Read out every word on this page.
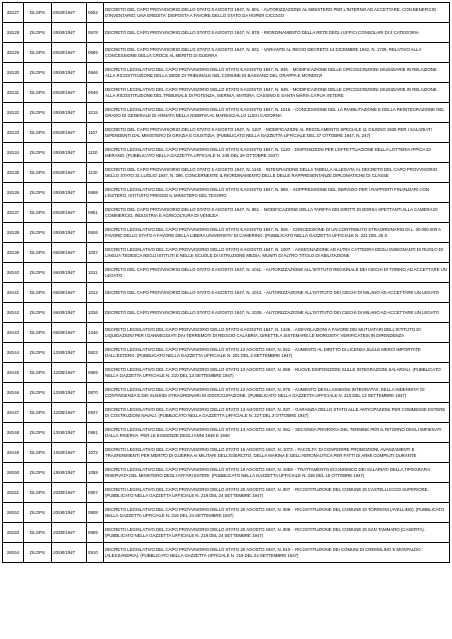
28127	DLOPS	05/08/1947	0652	DECRETO DEL CAPO PROVVISORIO DELLO STATO 5 AGOSTO 1947, N. 801. - AUTORIZZAZIONE AL MINISTERO PER L'INTERNO AD ACCETTARE, CON BENEFICIO D'INVENTARIO, UNA EREDITA' DISPOSTA A FAVORE DELLO STATO DA HOPER CICCIGO
28128	DLOPS	05/08/1947	0678	DECRETO DEL CAPO PROVVISORIO DELLO STATO 5 AGOSTO 1947, N. 878. - RIORDINAMENTO DELLA RETE DEGLI UFFICI CONSOLARI DI 2 CATEGORIA
28129	DLOPS	05/08/1947	0689	DECRETO DEL CAPO PROVVISORIO DELLO STATO 5 AGOSTO 1947, N. 931. - VARIANTE AL REGIO DECRETO 14 DICEMBRE 1942, N. 1729, RELATIVO ALLA CONCESSIONE DELLA CROCE AL MERITO DI GUERRA
28130	DLOPS	05/08/1947	0946	DECRETO LEGISLATIVO DEL CAPO PROVVISORIO DELLO STATO 5 AGOSTO 1947, N. 946. - MODIFICAZIONE DELLE CIRCOSCRIZIONI GIUDIZIARIE IN RELAZIONE ALLA RICOSTITUZIONE DELLA SEDE DI TRIBUNALE NEL COMUNE DI BASSANO DEL GRAPPA E MONDOVI
28131	DLOPS	05/08/1947	0948	DECRETO LEGISLATIVO DEL CAPO PROVVISORIO DELLO STATO 5 AGOSTO 1947, N. 948. - MODIFICAZIONE DELLE CIRCOSCRIZIONI GIUDIZIARIE IN RELAZIONE ALLA RICOSTITUZIONE DEL TRIBUNALE DI POTENZA, ISERNIA, MATERA, CASSINO E SANTA MARIA CAPUA VETERE
28132	DLOPS	05/08/1947	1015	DECRETO LEGISLATIVO DEL CAPO PROVVISORIO DELLO STATO 5 AGOSTO 1947, N. 1015. - CONCESSIONE DEL LA RIABILITAZIONE E DELLA REINTEGRAZIONE NEL GRADO DI GENERALE DI ARMATA NELLA RISERVA AL MARESCIALLO LUIGI CADORNA
28133	DLOPS	05/08/1947	1107	DECRETO DEL CAPO PROVVISORIO DELLO STATO 5 AGOSTO 1947, N. 1107. - MODIFICAZIONI AL REGOLAMENTO SPECIALE 11 GIUGNO 1939 PER I SALARIATI DIPENDENTI DAL MINISTERO DI GRAZIA E GIUSTIZIA. (PUBBLICATO NELLA GAZZETTA UFFICIALE DEL 27 OTTOBRE 1947, N. 247)
28134	DLOPS	05/08/1947	1120	DECRETO LEGISLATIVO DEL CAPO PROVVISORIO DELLO STATO 5 AGOSTO 1947, N. 1120. - DISPOSIZIONI PER L'EFFETTUAZIONE DELLA LOTTERIA IPPICA DI MERANO. (PUBBLICATO NELLA GAZZETTA UFFICIALE N. 249 DEL 29 OTTOBRE 1947)
28135	DLOPS	05/08/1947	1140	DECRETO DEL CAPO PROVVISORIO DELLO STATO 5 AGOSTO 1947, N. 1140. - INTEGRAZIONE DELLA TABELLA ALLEGATA AL DECRETO DEL CAPO PROVVISORIO DELLO STATO 31 LUGLIO 1947, N. 286, CONCERNENTE IL RIORDINAMENTO DELLE DELLE RAPPRESENTANZE DIPLOMATICHE DI CLASSE
28136	DLOPS	05/08/1947	0869	DECRETO LEGISLATIVO DEL CAPO PROVVISORIO DELLO STATO 5 AGOSTO 1947, N. 869. - SOPPRESSIONE DEL SERVIZIO PER I RAPPORTI FINANZIARI CON L'ESTERO, ISTITUITO PRESSO IL MINISTERO DEL TESORO
28137	DLOPS	05/08/1947	0851	DECRETO DEL CAPO PROVVISORIO DELLO STATO 5 AGOSTO 1947, N. 851. - MODIFICAZIONE DELLA TARIFFA DEI DIRITTI DI BORSA SPETTANTI ALLA CAMERA DI COMMERCIO, INDUSTRIA E AGRICOLTURA DI VENEZIA
28138	DLOPS	05/08/1947	0926	DECRETO LEGISLATIVO DEL CAPO PROVVISORIO DELLO STATO 5 AGOSTO 1947, N. 926. - CONCESSIONE DI UN CONTRIBUTO STRAORDINARIO DI L. 20.000.000 A FAVORE DELLO STATO A FAVORE DELLA LIBERA UNIVERSITA' DI CAMERINO. (PUBBLICATO NELLA GAZZETTA UFFICIALE N. 221 DEL 26 S
28139	DLOPS	06/08/1947	1007	DECRETO LEGISLATIVO DEL CAPO PROVVISORIO DELLO STATO 6 AGOSTO 1947, N. 1007. - ASSEGNAZIONE AD ALTRA CATTEDRA DEGLI INSEGNANTI DI RUOLO DI LINGUA TEDESCA NEGLI ISTITUTI E NELLE SCUOLE DI ISTRUZIONE MEDIA, MUNITI DI ALTRO TITOLO DI ABILITAZIONE
28140	DLOPS	06/08/1947	1011	DECRETO DEL CAPO PROVVISORIO DELLO STATO 6 AGOSTO 1947, N. 1011. - AUTORIZZAZIONE ALL'ISTITUTO REGIONALE DEI CIECHI DI TORINO AD ACCETTARE UN LEGATO
28141	DLOPS	06/08/1947	1012	DECRETO DEL CAPO PROVVISORIO DELLO STATO 6 AGOSTO 1947, N. 1012. - AUTORIZZAZIONE ALL'ISTITUTO DEI CIECHI DI MILANO AD ACCETTARE UN LEGATO
28142	DLOPS	06/08/1947	1026	DECRETO DEL CAPO PROVVISORIO DELLO STATO 6 AGOSTO 1947, N. 1026. - AUTORIZZAZIONE ALL'ISTITUTO DEI CIECHI DI MILANO AD ACCETTARE UN LEGATO
28143	DLOPS	06/08/1947	1346	DECRETO LEGISLATIVO DEL CAPO PROVVISORIO DELLO STATO 6 AGOSTO 1947, N. 1346. - AGEVOLAZIONI A FAVORE DEI MUTUATARI DELL'ISTITUTO DI LIQUIDAZIONI PER I DANNEGGIATI DAI TERREMOTI DI REGGIO CALABRIA, DIRETTE A SISTEMARE LE MOROSITA' VERIFICATESI IN DIPENDENZA
28144	DLOPS	12/08/1947	0822	DECRETO LEGISLATIVO DEL CAPO PROVVISORIO DELLO STATO 12 AGOSTO 1947, N. 822. - AUMENTO AL DIRITTO DI LICENZA SULLE MERCI IMPORTATE DALL'ESTERO. (PUBBLICATO NELLA GAZZETTA UFFICIALE N. 201 DEL 3 SETTEMBRE 1947)
28145	DLOPS	12/08/1947	0869	DECRETO LEGISLATIVO DEL CAPO PROVVISORIO DELLO STATO 12 AGOSTO 1947, N. 869. - NUOVE DISPOSIZIONI SULLE INTEGRAZIONI SALARIALI. (PUBBLICATO NELLA GAZZETTA UFFICIALE N. 210 DEL 13 SETTEMBRE 1947)
28146	DLOPS	12/08/1947	0870	DECRETO LEGISLATIVO DEL CAPO PROVVISORIO DELLO STATO 12 AGOSTO 1947, N. 870. - AUMENTO DEGLI ASSEGNI INTEGRATIVI, DELLA INDENNITA' DI CONTINGENZA E DEI SUSSIDI STRAORDINARI DI DISOCCUPAZIONE. (PUBBLICATO NELLA GAZZETTA UFFICIALE N. 210 DEL 13 SETTEMBRE 1947)
28147	DLOPS	12/08/1947	0937	DECRETO LEGISLATIVO DEL CAPO PROVVISORIO DELLO STATO 12 AGOSTO 1947, N. 937. - GARANZIA DELLO STATO ALLE ANTICIPAZIONI PER COMMESSE ESTERE DI COSTRUZIONI NAVALI. (PUBBLICATO NELLA GAZZETTA UFFICIALE N. 227 DEL 3 OTTOBRE 1947)
28148	DLOPS	13/08/1947	0991	DECRETO LEGISLATIVO DEL CAPO PROVVISORIO DELLO STATO 13 AGOSTO 1947, N. 991. - SECONDA PROROGA DEL TERMINE PER IL RITORNO DEGLI IMPIEGATI DALLA RISERVA. PER LE ESIGENZE DEGLI ANNI 1948 E 1949
28149	DLOPS	15/08/1947	1072	DECRETO LEGISLATIVO DEL CAPO PROVVISORIO DELLO STATO 15 AGOSTO 1947, N. 1072. - FACOLTA' DI CONFERIRE PROMOZIONI, AVANZAMENTI E TRASFERIMENTI PER MERITO DI GUERRA AI MILITARI DELL'ESERCITO, DELLA MARINA E DELL'AERONAUTICA PER FATTI DI ARMI COMPIUTI DURANTE
28150	DLOPS	19/08/1947	1059	DECRETO LEGISLATIVO DEL CAPO PROVVISORIO DELLO STATO 19 AGOSTO 1947, N. 1059. - TRATTAMENTO ECONOMICO DEI SALARIATI DELLA TIPOGRAFIA RISERVATA DEL MINISTERO DEGLI AFFARI ESTERI. (PUBBLICATO NELLA GAZZETTA UFFICIALE N. 238 DEL 16 OTTOBRE 1947)
28151	DLOPS	20/08/1947	0907	DECRETO LEGISLATIVO DEL CAPO PROVVISORIO DELLO STATO 20 AGOSTO 1947, N. 907. - RICOSTITUZIONE DEL COMUNE DI CASTELLUCCIO SUPERIORE. (PUBBLICATO NELLA GAZZETTA UFFICIALE N. 219 DEL 24 SETTEMBRE 1947)
28152	DLOPS	20/08/1947	0908	DECRETO LEGISLATIVO DEL CAPO PROVVISORIO DELLO STATO 20 AGOSTO 1947, N. 908. - RICOSTITUZIONE DEL COMUNE DI TORRIONI (AVELLINO). (PUBBLICATO NELLA GAZZETTA UFFICIALE N. 219 DEL 24 SETTEMBRE 1947)
28153	DLOPS	20/08/1947	0909	DECRETO LEGISLATIVO DEL CAPO PROVVISORIO DELLO STATO 20 AGOSTO 1947, N. 909. - RICOSTITUZIONE DEL COMUNE DI SAN TAMMARO (CASERTA). (PUBBLICATO NELLA GAZZETTA UFFICIALE N. 219 DEL 24 SETTEMBRE 1947)
28154	DLOPS	20/08/1947	0910	DECRETO LEGISLATIVO DEL CAPO PROVVISORIO DELLO STATO 20 AGOSTO 1947, N. 910. - RICOSTITUZIONE DEI COMUNI DI CREMOLINO E MONTALDO (ALESSANDRIA). (PUBBLICATO NELLA GAZZETTA UFFICIALE N. 219 DEL 24 SETTEMBRE 1947)
